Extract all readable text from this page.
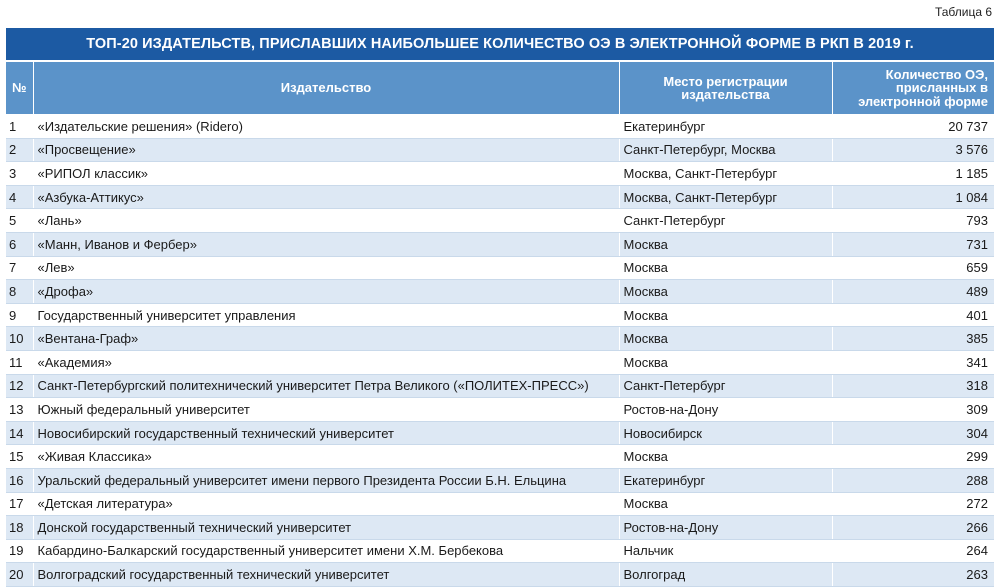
Таблица 6
ТОП-20 ИЗДАТЕЛЬСТВ, ПРИСЛАВШИХ НАИБОЛЬШЕЕ КОЛИЧЕСТВО ОЭ В ЭЛЕКТРОННОЙ ФОРМЕ В РКП В 2019 г.
№	Издательство	Место регистрации издательства	Количество ОЭ, присланных в электронной форме
1	«Издательские решения» (Ridero)	Екатеринбург	20 737
2	«Просвещение»	Санкт-Петербург, Москва	3 576
3	«РИПОЛ классик»	Москва, Санкт-Петербург	1 185
4	«Азбука-Аттикус»	Москва, Санкт-Петербург	1 084
5	«Лань»	Санкт-Петербург	793
6	«Манн, Иванов и Фербер»	Москва	731
7	«Лев»	Москва	659
8	«Дрофа»	Москва	489
9	Государственный университет управления	Москва	401
10	«Вентана-Граф»	Москва	385
11	«Академия»	Москва	341
12	Санкт-Петербургский политехнический университет Петра Великого («ПОЛИТЕХ-ПРЕСС»)	Санкт-Петербург	318
13	Южный федеральный университет	Ростов-на-Дону	309
14	Новосибирский государственный технический университет	Новосибирск	304
15	«Живая Классика»	Москва	299
16	Уральский федеральный университет имени первого Президента России Б.Н. Ельцина	Екатеринбург	288
17	«Детская литература»	Москва	272
18	Донской государственный технический университет	Ростов-на-Дону	266
19	Кабардино-Балкарский государственный университет имени Х.М. Бербекова	Нальчик	264
20	Волгоградский государственный технический университет	Волгоград	263
